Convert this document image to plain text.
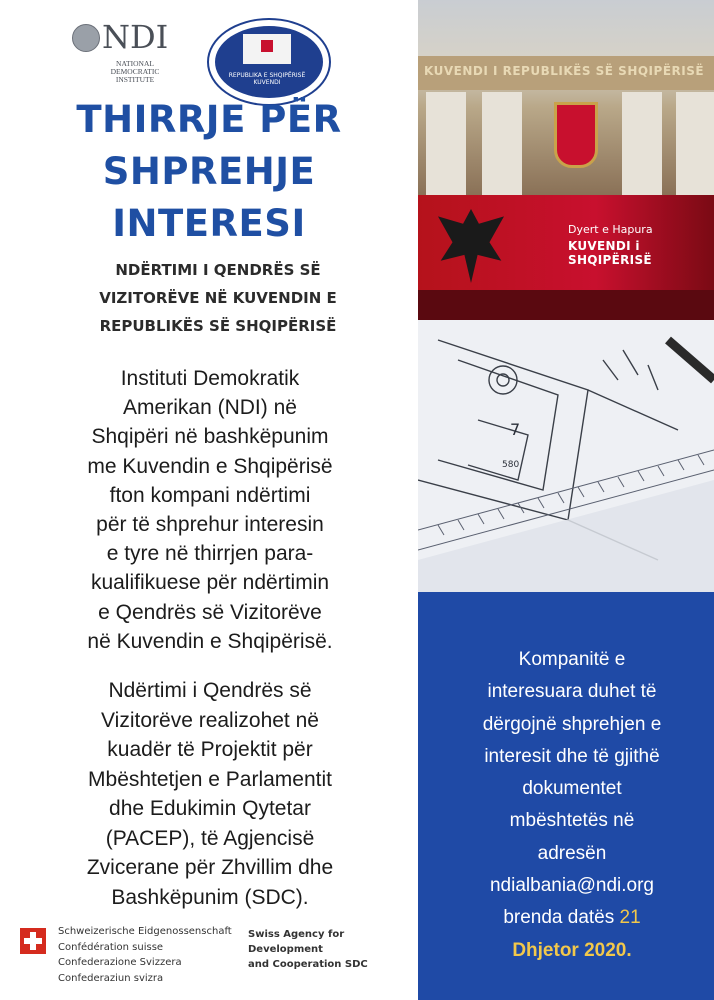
NDI
NATIONAL
DEMOCRATIC
INSTITUTE	REPUBLIKA E SHQIPËRISË
KUVENDI
THIRRJE PËR
SHPREHJE
INTERESI
NDËRTIMI I QENDRËS SË
VIZITORËVE NË KUVENDIN E
REPUBLIKËS SË SHQIPËRISË
Instituti Demokratik
Amerikan (NDI) në
Shqipëri në bashkëpunim
me Kuvendin e Shqipërisë
fton kompani ndërtimi
për të shprehur interesin
e tyre në thirrjen para-
kualifikuese për ndërtimin
e Qendrës së Vizitorëve
në Kuvendin e Shqipërisë.
Ndërtimi i Qendrës së
Vizitorëve realizohet në
kuadër të Projektit për
Mbështetjen e Parlamentit
dhe Edukimin Qytetar
(PACEP), të Agjencisë
Zvicerane për Zhvillim dhe
Bashkëpunim (SDC).
Schweizerische Eidgenossenschaft
Confédération suisse
Confederazione Svizzera
Confederaziun svizra
Swiss Agency for Development
and Cooperation SDC
KUVENDI I REPUBLIKËS SË SHQIPËRISË
Dyert e Hapura
KUVENDI i SHQIPËRISË
7
580
Kompanitë e
interesuara duhet të
dërgojnë shprehjen e
interesit dhe të gjithë
dokumentet
mbështetës në
adresën
ndialbania@ndi.org
brenda datës 21
Dhjetor 2020.
